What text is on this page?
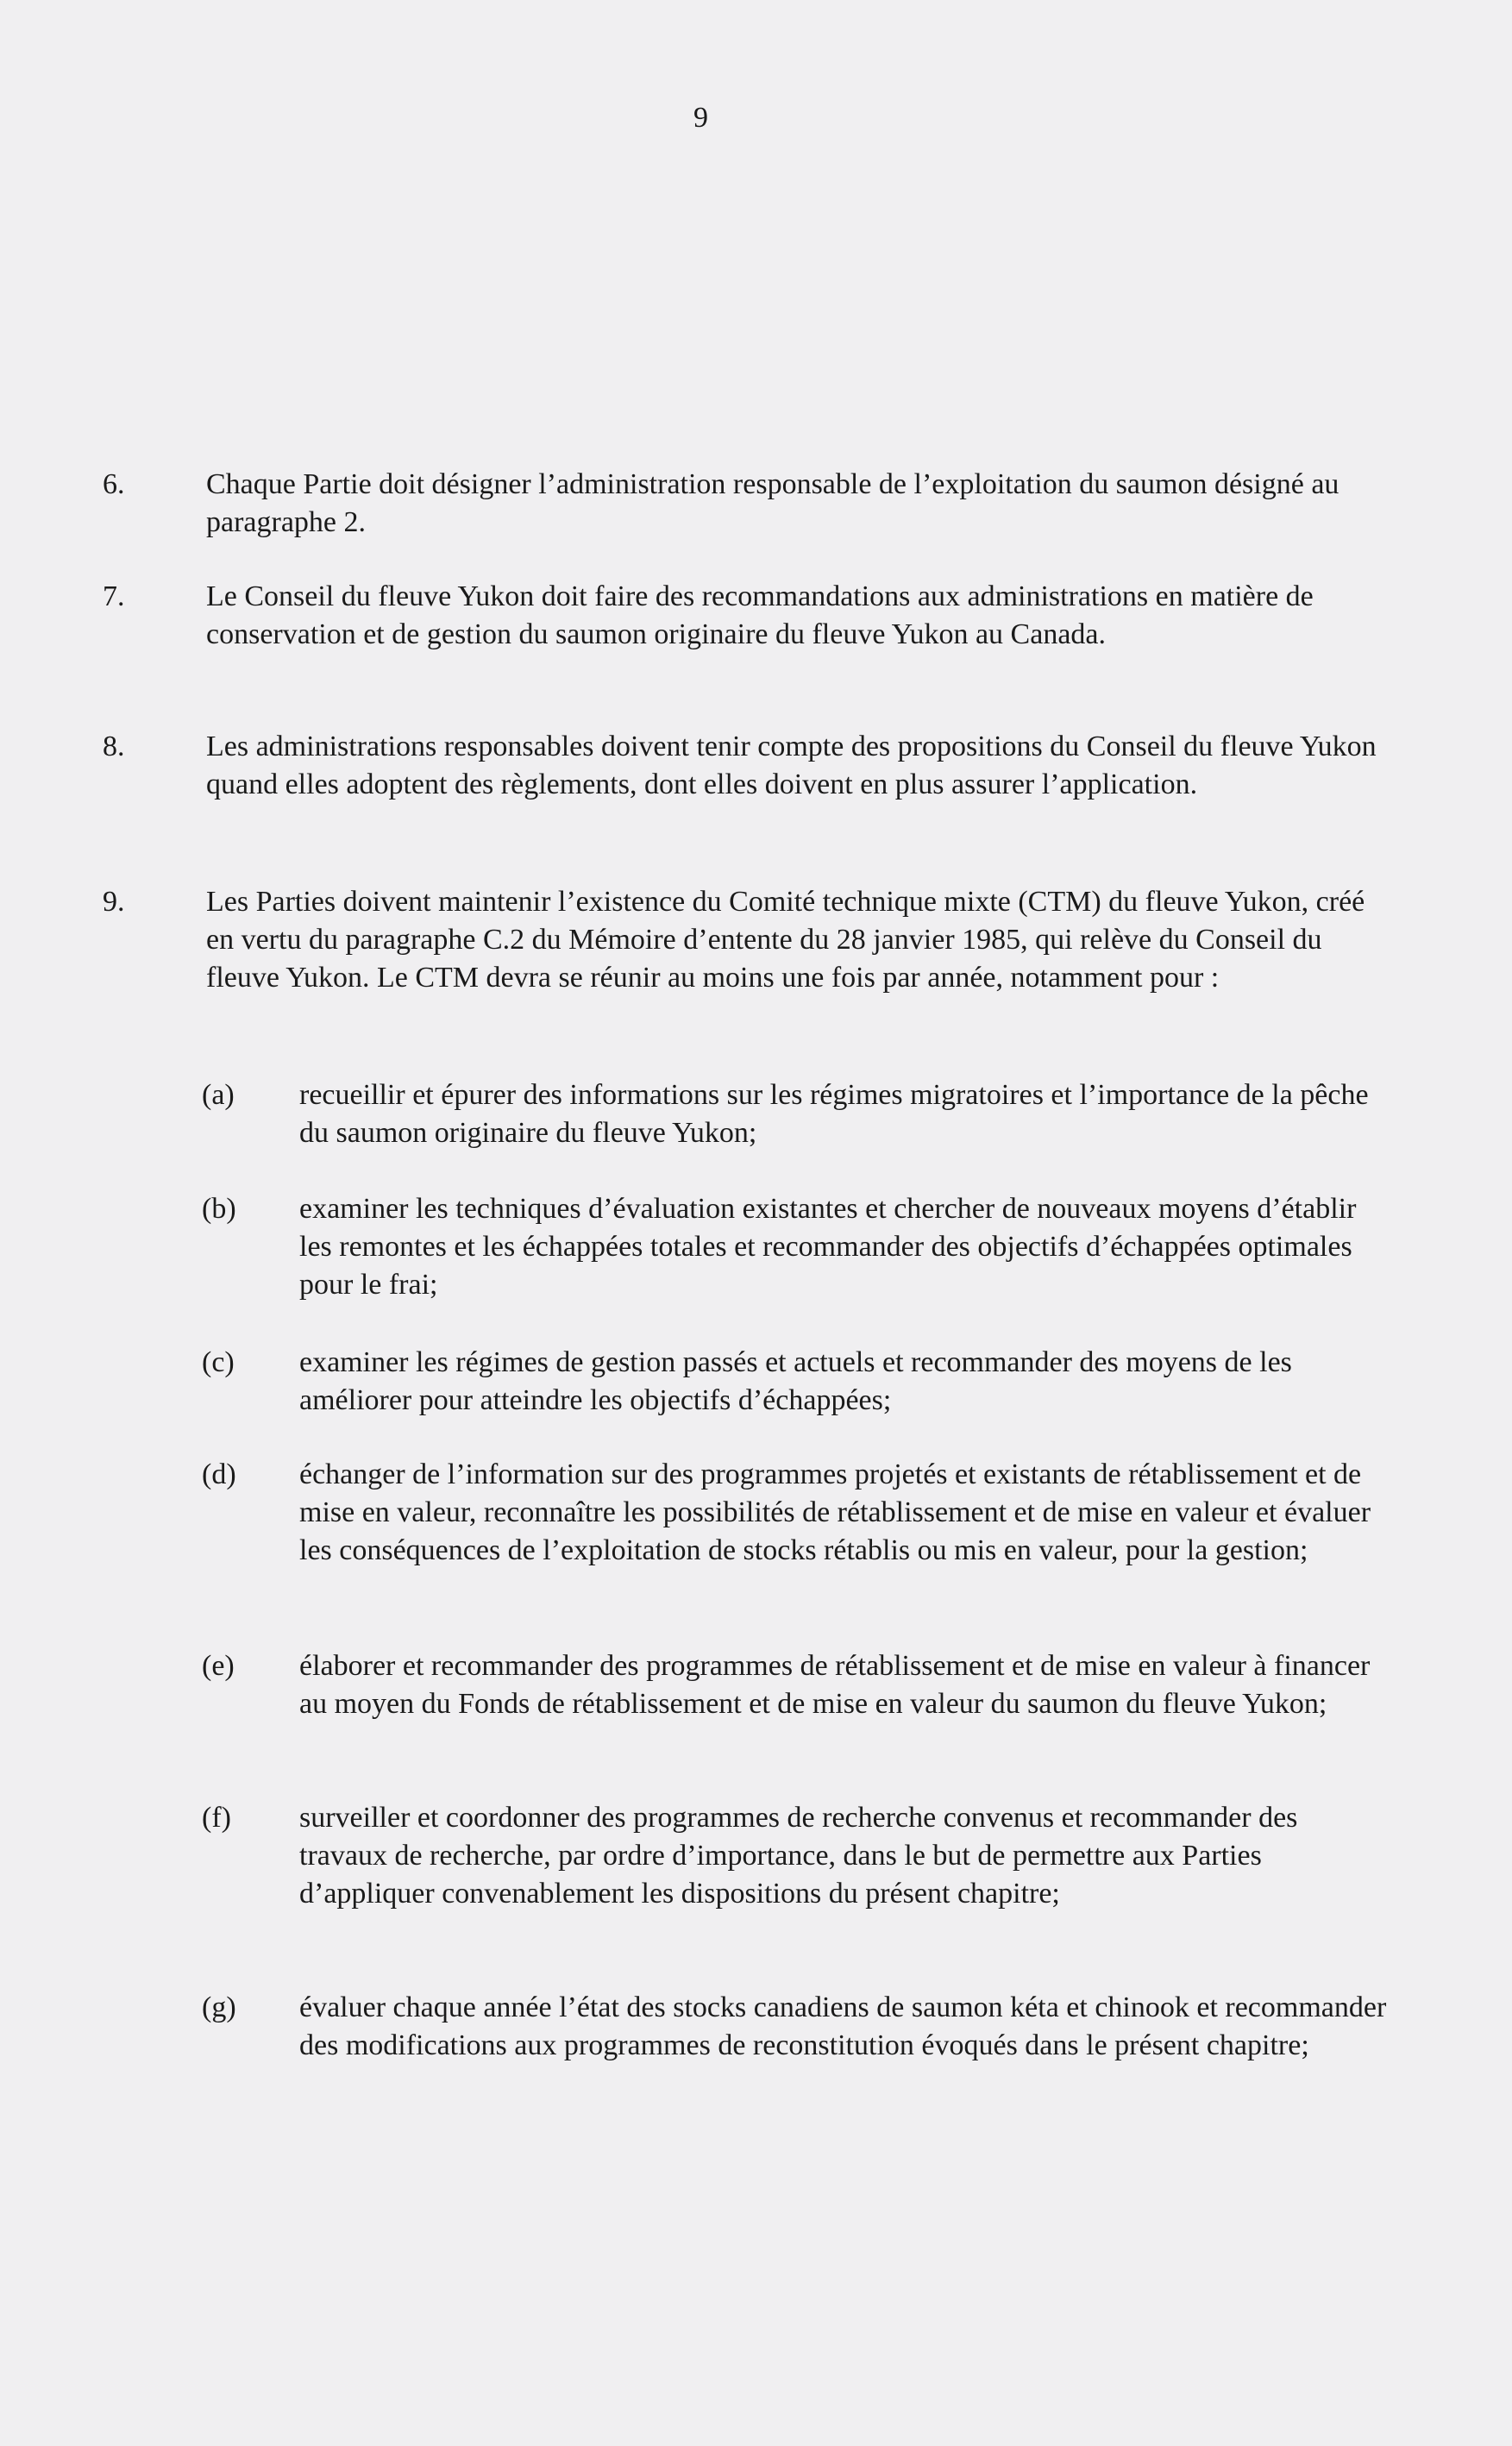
9
6.	Chaque Partie doit désigner l’administration responsable de l’exploitation du saumon désigné au paragraphe 2.
7.	Le Conseil du fleuve Yukon doit faire des recommandations aux administrations en matière de conservation et de gestion du saumon originaire du fleuve Yukon au Canada.
8.	Les administrations responsables doivent tenir compte des propositions du Conseil du fleuve Yukon quand elles adoptent des règlements, dont elles doivent en plus assurer l’application.
9.	Les Parties doivent maintenir l’existence du Comité technique mixte (CTM) du fleuve Yukon, créé en vertu du paragraphe C.2 du Mémoire d’entente du 28 janvier 1985, qui relève du Conseil du fleuve Yukon. Le CTM devra se réunir au moins une fois par année, notamment pour :
(a) recueillir et épurer des informations sur les régimes migratoires et l’importance de la pêche du saumon originaire du fleuve Yukon;
(b) examiner les techniques d’évaluation existantes et chercher de nouveaux moyens d’établir les remontes et les échappées totales et recommander des objectifs d’échappées optimales pour le frai;
(c) examiner les régimes de gestion passés et actuels et recommander des moyens de les améliorer pour atteindre les objectifs d’échappées;
(d) échanger de l’information sur des programmes projetés et existants de rétablissement et de mise en valeur, reconnaître les possibilités de rétablissement et de mise en valeur et évaluer les conséquences de l’exploitation de stocks rétablis ou mis en valeur, pour la gestion;
(e) élaborer et recommander des programmes de rétablissement et de mise en valeur à financer au moyen du Fonds de rétablissement et de mise en valeur du saumon du fleuve Yukon;
(f) surveiller et coordonner des programmes de recherche convenus et recommander des travaux de recherche, par ordre d’importance, dans le but de permettre aux Parties d’appliquer convenablement les dispositions du présent chapitre;
(g) évaluer chaque année l’état des stocks canadiens de saumon kéta et chinook et recommander des modifications aux programmes de reconstitution évoqués dans le présent chapitre;
